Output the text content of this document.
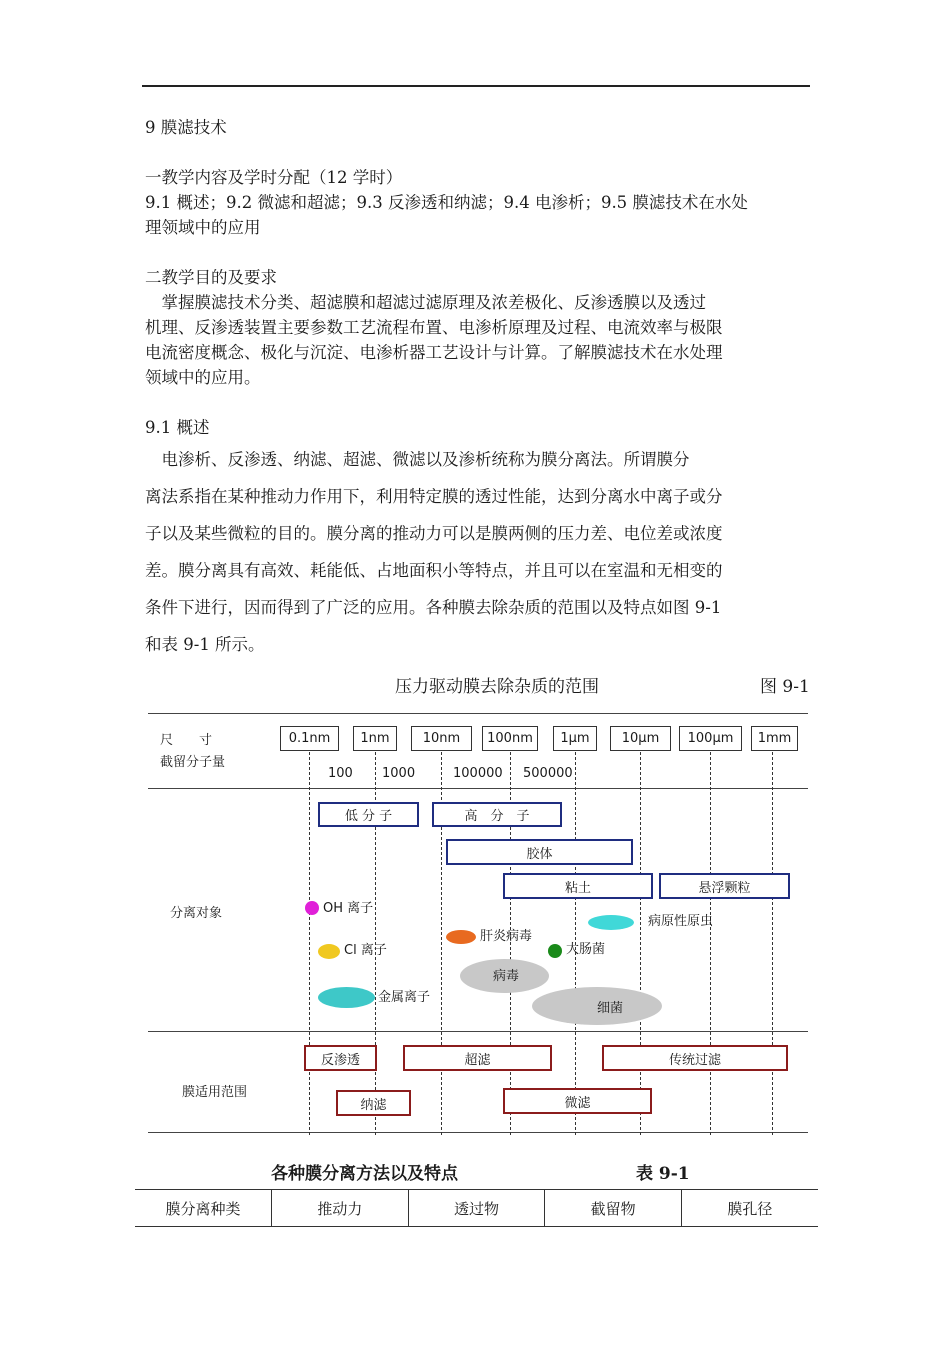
9 膜滤技术
一教学内容及学时分配（12 学时）
9.1 概述；9.2 微滤和超滤；9.3 反渗透和纳滤；9.4 电渗析；9.5 膜滤技术在水处
理领域中的应用
二教学目的及要求
　掌握膜滤技术分类、超滤膜和超滤过滤原理及浓差极化、反渗透膜以及透过
机理、反渗透装置主要参数工艺流程布置、电渗析原理及过程、电流效率与极限
电流密度概念、极化与沉淀、电渗析器工艺设计与计算。了解膜滤技术在水处理
领域中的应用。
9.1 概述
　电渗析、反渗透、纳滤、超滤、微滤以及渗析统称为膜分离法。所谓膜分
离法系指在某种推动力作用下，利用特定膜的透过性能，达到分离水中离子或分
子以及某些微粒的目的。膜分离的推动力可以是膜两侧的压力差、电位差或浓度
差。膜分离具有高效、耗能低、占地面积小等特点，并且可以在室温和无相变的
条件下进行，因而得到了广泛的应用。各种膜去除杂质的范围以及特点如图 9-1
和表 9-1 所示。
压力驱动膜去除杂质的范围	图 9-1
尺　　寸
截留分子量
分离对象
膜适用范围
0.1nm	1nm	10nm	100nm	1μm	10μm	100μm	1mm
100 1000	100000 500000
低 分 子	高　分　子
胶体
粘土	悬浮颗粒
OH 离子
Cl 离子
金属离子
肝炎病毒
大肠菌
病原性原虫
病毒
细菌
反渗透	超滤	传统过滤
纳滤	微滤
各种膜分离方法以及特点	表 9-1
膜分离种类	推动力	透过物	截留物	膜孔径
